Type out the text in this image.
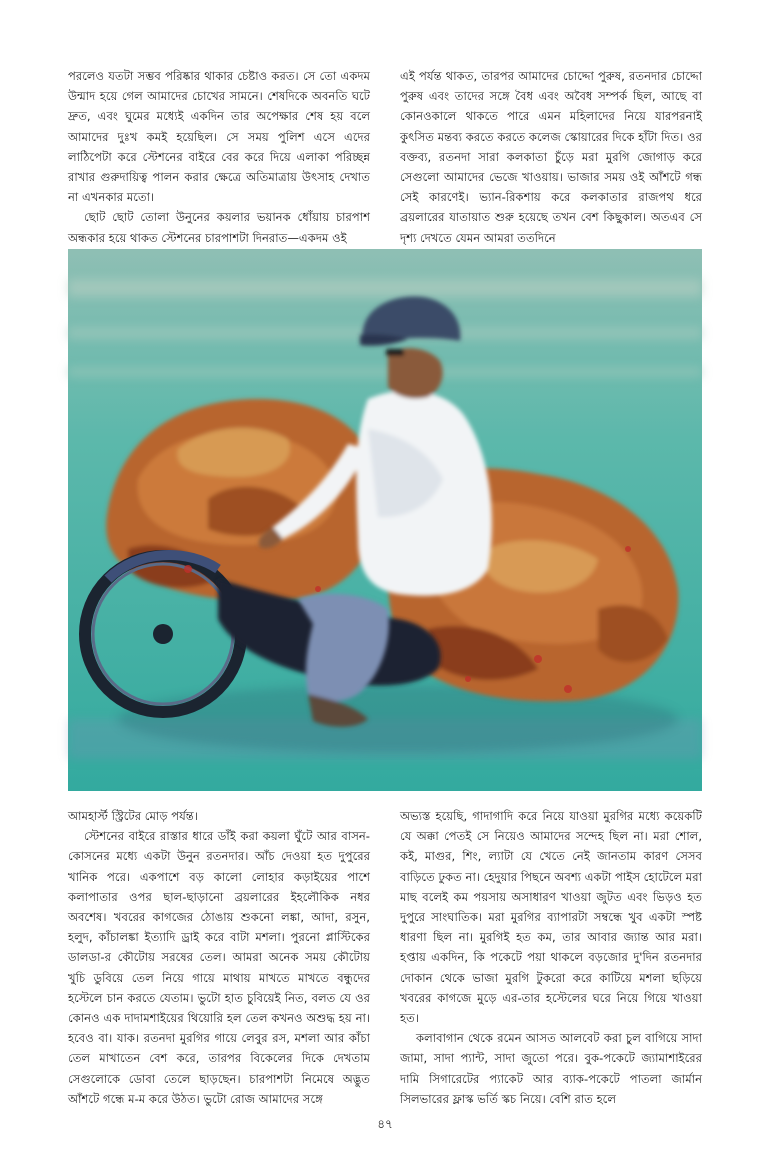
পরলেও যতটা সম্ভব পরিষ্কার থাকার চেষ্টাও করত। সে তো একদম উন্মাদ হয়ে গেল আমাদের চোখের সামনে। শেষদিকে অবনতি ঘটে দ্রুত, এবং ঘুমের মধ্যেই একদিন তার অপেক্ষার শেষ হয় বলে আমাদের দুঃখ কমই হয়েছিল। সে সময় পুলিশ এসে এদের লাঠিপেটা করে স্টেশনের বাইরে বের করে দিয়ে এলাকা পরিচ্ছন্ন রাখার গুরুদায়িত্ব পালন করার ক্ষেত্রে অতিমাত্রায় উৎসাহ দেখাত না এখনকার মতো।

ছোট ছোট তোলা উনুনের কয়লার ভয়ানক ধোঁয়ায় চারপাশ অন্ধকার হয়ে থাকত স্টেশনের চারপাশটা দিনরাত—একদম ওই

এই পর্যন্ত থাকত, তারপর আমাদের চোদ্দো পুরুষ, রতনদার চোদ্দো পুরুষ এবং তাদের সঙ্গে বৈধ এবং অবৈধ সম্পর্ক ছিল, আছে বা কোনওকালে থাকতে পারে এমন মহিলাদের নিয়ে যারপরনাই কুৎসিত মন্তব্য করতে করতে কলেজ স্কোয়ারের দিকে হাঁটা দিত। ওর বক্তব্য, রতনদা সারা কলকাতা চুঁড়ে মরা মুরগি জোগাড় করে সেগুলো আমাদের ভেজে খাওয়ায়। ভাজার সময় ওই আঁশটে গন্ধ সেই কারণেই। ভ্যান-রিকশায় করে কলকাতার রাজপথ ধরে ব্রয়লারের যাতায়াত শুরু হয়েছে তখন বেশ কিছুকাল। অতএব সে দৃশ্য দেখতে যেমন আমরা ততদিনে

আমহার্স্ট স্ট্রিটের মোড় পর্যন্ত।

স্টেশনের বাইরে রাস্তার ধারে ডাঁই করা কয়লা ঘুঁটে আর বাসন-কোসনের মধ্যে একটা উনুন রতনদার। আঁচ দেওয়া হত দুপুরের খানিক পরে। একপাশে বড় কালো লোহার কড়াইয়ের পাশে কলাপাতার ওপর ছাল-ছাড়ানো ব্রয়লারের ইহলৌকিক নধর অবশেষ। খবরের কাগজের ঠোঙায় শুকনো লঙ্কা, আদা, রসুন, হলুদ, কাঁচালঙ্কা ইত্যাদি ড্রাই করে বাটা মশলা। পুরনো প্লাস্টিকের ডালডা-র কৌটোয় সরষের তেল। আমরা অনেক সময় কৌটোয় খুচি ডুবিয়ে তেল নিয়ে গায়ে মাথায় মাখতে মাখতে বন্ধুদের হস্টেলে চান করতে যেতাম। ভুটো হাত চুবিয়েই নিত, বলত যে ওর কোনও এক দাদামশাইয়ের থিয়োরি হল তেল কখনও অশুদ্ধ হয় না। হবেও বা। যাক। রতনদা মুরগির গায়ে লেবুর রস, মশলা আর কাঁচা তেল মাখাতেন বেশ করে, তারপর বিকেলের দিকে দেখতাম সেগুলোকে ডোবা তেলে ছাড়ছেন। চারপাশটা নিমেষে অদ্ভুত আঁশটে গন্ধে ম-ম করে উঠত। ভুটো রোজ আমাদের সঙ্গে

অভ্যস্ত হয়েছি, গাদাগাদি করে নিয়ে যাওয়া মুরগির মধ্যে কয়েকটি যে অক্কা পেতই সে নিয়েও আমাদের সন্দেহ ছিল না। মরা শোল, কই, মাগুর, শিং, ল্যাটা যে খেতে নেই জানতাম কারণ সেসব বাড়িতে ঢুকত না। হেদুয়ার পিছনে অবশ্য একটা পাইস হোটেলে মরা মাছ বলেই কম পয়সায় অসাধারণ খাওয়া জুটত এবং ভিড়ও হত দুপুরে সাংঘাতিক। মরা মুরগির ব্যাপারটা সম্বন্ধে খুব একটা স্পষ্ট ধারণা ছিল না। মুরগিই হত কম, তার আবার জ্যান্ত আর মরা। হপ্তায় একদিন, কি পকেটে পয়া থাকলে বড়জোর দু'দিন রতনদার দোকান থেকে ভাজা মুরগি টুকরো করে কাটিয়ে মশলা ছড়িয়ে খবরের কাগজে মুড়ে এর-তার হস্টেলের ঘরে নিয়ে গিয়ে খাওয়া হত।

কলাবাগান থেকে রমেন আসত আলবেট করা চুল বাগিয়ে সাদা জামা, সাদা প্যান্ট, সাদা জুতো পরে। বুক-পকেটে জ্যামাশাইরের দামি সিগারেটের প্যাকেট আর ব্যাক-পকেটে পাতলা জার্মান সিলভারের ফ্লাস্ক ভর্তি স্কচ নিয়ে। বেশি রাত হলে

৪৭
